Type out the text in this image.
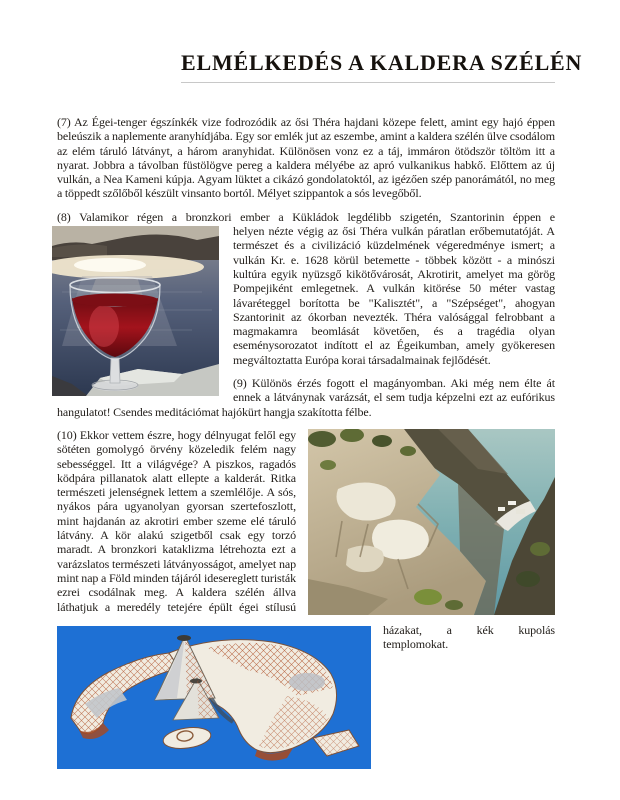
ELMÉLKEDÉS A KALDERA SZÉLÉN

(7) Az Égei-tenger égszínkék vize fodrozódik az ősi Théra hajdani közepe felett, amint egy hajó éppen beleúszik a naplemente aranyhídjába. Egy sor emlék jut az eszembe, amint a kaldera szélén ülve csodálom az elém táruló látványt, a három aranyhidat. Különösen vonz ez a táj, immáron ötödször töltöm itt a nyarat. Jobbra a távolban füstölögve pereg a kaldera mélyébe az apró vulkanikus habkő. Előttem az új vulkán, a Nea Kameni kúpja. Agyam lüktet a cikázó gondolatoktól, az igézően szép panorámától, no meg a töppedt szőlőből készült vinsanto bortól. Mélyet szippantok a sós levegőből.

(8) Valamikor régen a bronzkori ember a Kükládok legdélibb szigetén, Szantorinin éppen e
helyen nézte végig az ősi Théra vulkán páratlan erőbemutatóját. A természet és a civilizáció küzdelmének végeredménye ismert; a vulkán Kr. e. 1628 körül betemette - többek között - a minószi kultúra egyik nyüzsgő kikötővárosát, Akrotirit, amelyet ma görög Pompejiként emlegetnek. A vulkán kitörése 50 méter vastag lávaréteggel borította be "Kalisztét", a "Szépséget", ahogyan Szantorinit az ókorban nevezték. Théra valósággal felrobbant a magmakamra beomlását követően, és a tragédia olyan eseménysorozatot indított el az Égeikumban, amely gyökeresen megváltoztatta Európa korai társadalmainak fejlődését.

(9) Különös érzés fogott el magányomban. Aki még nem élte át ennek a látványnak varázsát, el sem tudja képzelni ezt az eufórikus hangulatot! Csendes meditációmat hajókürt hangja szakította félbe.

(10) Ekkor vettem észre, hogy délnyugat felől egy sötéten gomolygó örvény közeledik felém nagy sebességgel. Itt a világvége? A piszkos, ragadós ködpára pillanatok alatt ellepte a kalderát. Ritka természeti jelenségnek lettem a szemlélője. A sós, nyákos pára ugyanolyan gyorsan szertefoszlott, mint hajdanán az akrotiri ember szeme elé táruló látvány. A kör alakú szigetből csak egy torzó maradt. A bronzkori kataklizma létrehozta ezt a varázslatos természeti látványosságot, amelyet nap mint nap a Föld minden tájáról idesereglett turisták ezrei csodálnak meg. A kaldera szélén állva láthatjuk a meredély tetejére épült égei stílusú házakat, a kék kupolás templomokat.
